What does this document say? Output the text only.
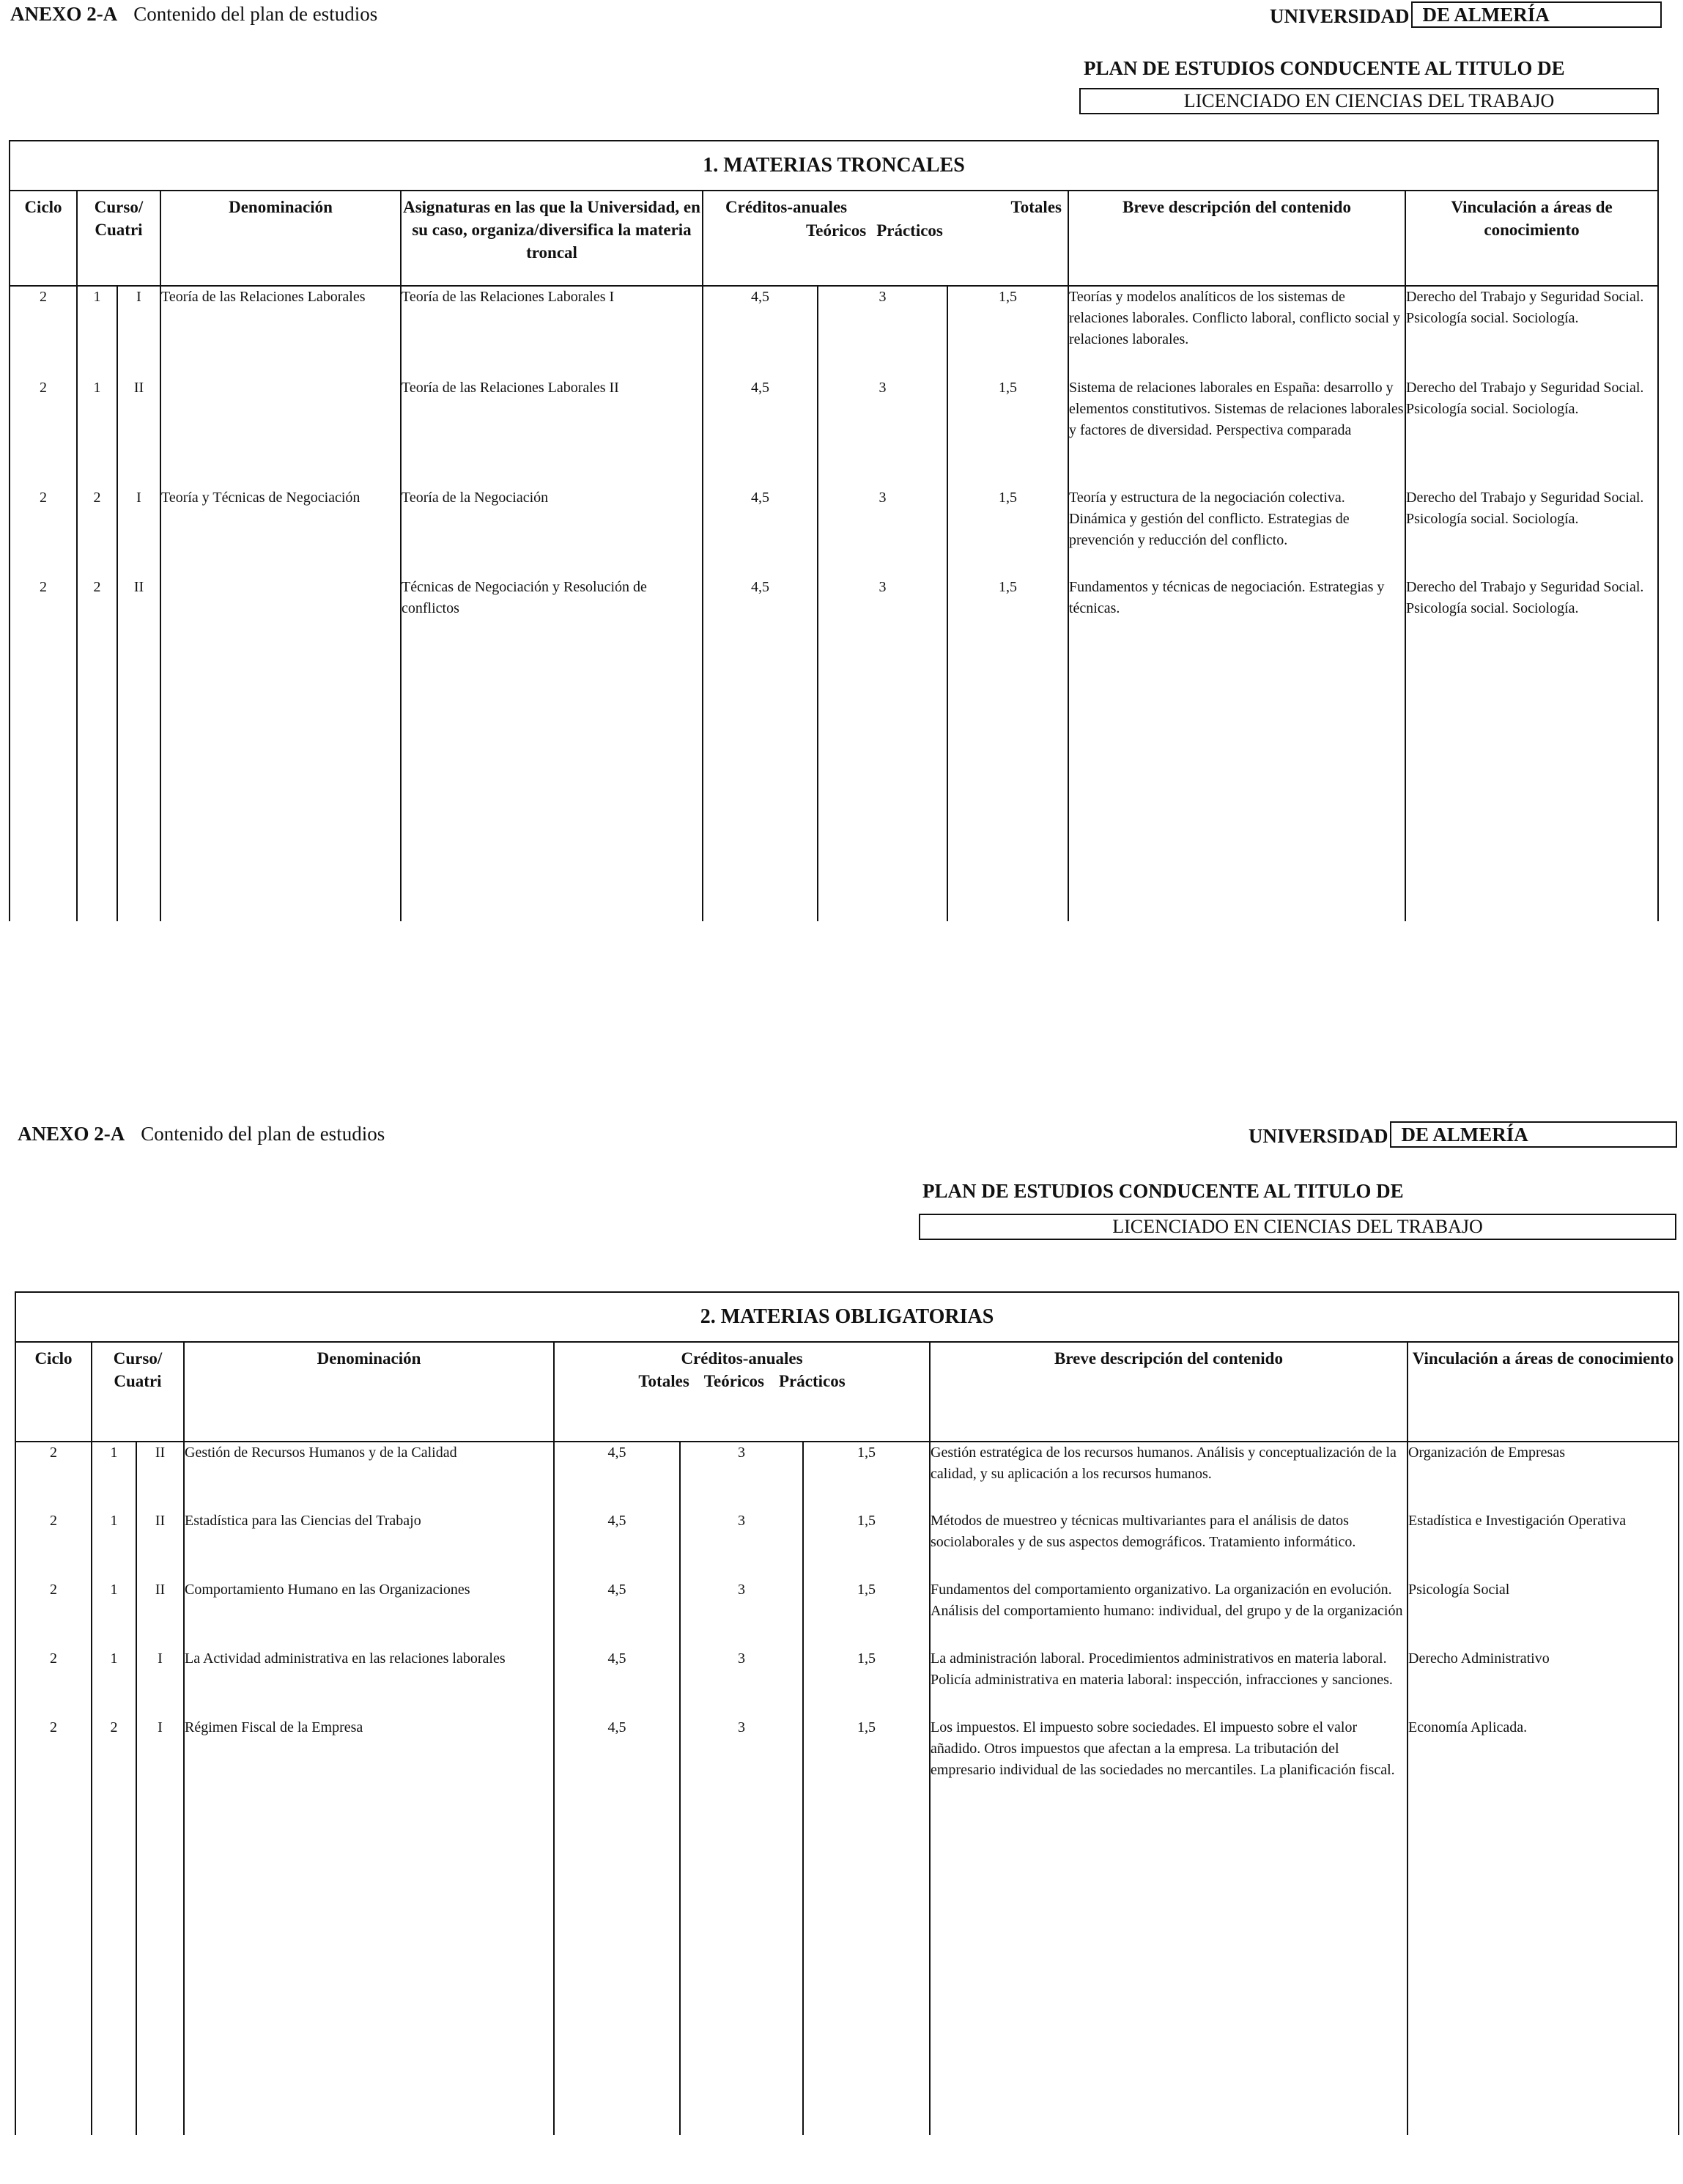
ANEXO 2-A Contenido del plan de estudios	UNIVERSIDAD DE ALMERÍA
PLAN DE ESTUDIOS CONDUCENTE AL TITULO DE
LICENCIADO EN CIENCIAS DEL TRABAJO
1. MATERIAS TRONCALES									
Ciclo	Curso/ Cuatri		Denominación	Asignaturas en las que la Universidad, en su caso, organiza/diversifica la materia troncal	Créditos-anuales Totales
Teóricos Prácticos			Breve descripción del contenido	Vinculación a áreas de conocimiento
2	1	I	Teoría de las Relaciones Laborales	Teoría de las Relaciones Laborales I	4,5	3	1,5	Teorías y modelos analíticos de los sistemas de relaciones laborales. Conflicto laboral, conflicto social y relaciones laborales.	Derecho del Trabajo y Seguridad Social. Psicología social. Sociología.
2	1	II		Teoría de las Relaciones Laborales II	4,5	3	1,5	Sistema de relaciones laborales en España: desarrollo y elementos constitutivos. Sistemas de relaciones laborales y factores de diversidad. Perspectiva comparada	Derecho del Trabajo y Seguridad Social. Psicología social. Sociología.
2	2	I	Teoría y Técnicas de Negociación	Teoría de la Negociación	4,5	3	1,5	Teoría y estructura de la negociación colectiva. Dinámica y gestión del conflicto. Estrategias de prevención y reducción del conflicto.	Derecho del Trabajo y Seguridad Social. Psicología social. Sociología.
2	2	II		Técnicas de Negociación y Resolución de conflictos	4,5	3	1,5	Fundamentos y técnicas de negociación. Estrategias y técnicas.	Derecho del Trabajo y Seguridad Social. Psicología social. Sociología.
ANEXO 2-A Contenido del plan de estudios	UNIVERSIDAD DE ALMERÍA
PLAN DE ESTUDIOS CONDUCENTE AL TITULO DE
LICENCIADO EN CIENCIAS DEL TRABAJO
2. MATERIAS OBLIGATORIAS								
Ciclo	Curso/ Cuatri		Denominación	Créditos-anuales
Totales Teóricos Prácticos			Breve descripción del contenido	Vinculación a áreas de conocimiento
2	1	II	Gestión de Recursos Humanos y de la Calidad	4,5	3	1,5	Gestión estratégica de los recursos humanos. Análisis y conceptualización de la calidad, y su aplicación a los recursos humanos.	Organización de Empresas
2	1	II	Estadística para las Ciencias del Trabajo	4,5	3	1,5	Métodos de muestreo y técnicas multivariantes para el análisis de datos sociolaborales y de sus aspectos demográficos. Tratamiento informático.	Estadística e Investigación Operativa
2	1	II	Comportamiento Humano en las Organizaciones	4,5	3	1,5	Fundamentos del comportamiento organizativo. La organización en evolución. Análisis del comportamiento humano: individual, del grupo y de la organización	Psicología Social
2	1	I	La Actividad administrativa en las relaciones laborales	4,5	3	1,5	La administración laboral. Procedimientos administrativos en materia laboral. Policía administrativa en materia laboral: inspección, infracciones y sanciones.	Derecho Administrativo
2	2	I	Régimen Fiscal de la Empresa	4,5	3	1,5	Los impuestos. El impuesto sobre sociedades. El impuesto sobre el valor añadido. Otros impuestos que afectan a la empresa. La tributación del empresario individual de las sociedades no mercantiles. La planificación fiscal.	Economía Aplicada.
